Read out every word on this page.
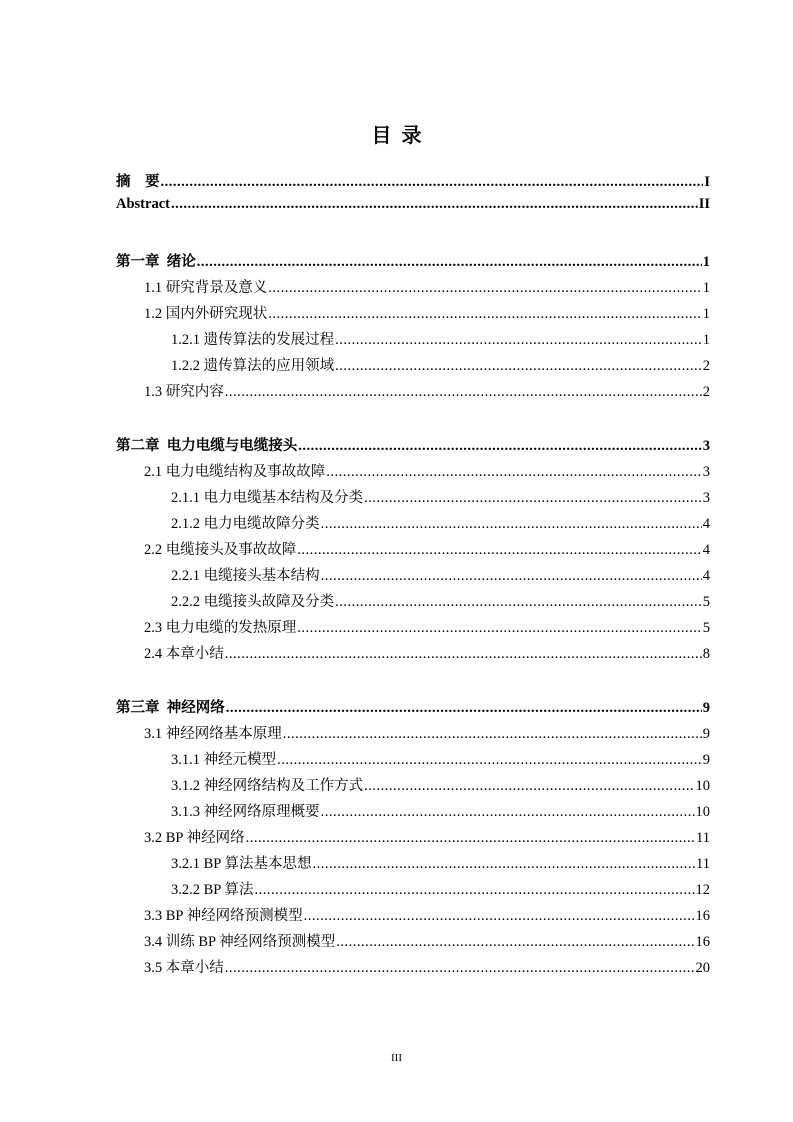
目  录
摘    要 .....	I
Abstract .....	II
第一章  绪论 .....	1
1.1 研究背景及意义 .....	1
1.2 国内外研究现状 .....	1
1.2.1 遗传算法的发展过程 .....	1
1.2.2 遗传算法的应用领域 .....	2
1.3 研究内容 .....	2
第二章  电力电缆与电缆接头 .....	3
2.1 电力电缆结构及事故故障 .....	3
2.1.1 电力电缆基本结构及分类 .....	3
2.1.2 电力电缆故障分类 .....	4
2.2 电缆接头及事故故障 .....	4
2.2.1 电缆接头基本结构 .....	4
2.2.2 电缆接头故障及分类 .....	5
2.3 电力电缆的发热原理 .....	5
2.4 本章小结 .....	8
第三章  神经网络 .....	9
3.1 神经网络基本原理 .....	9
3.1.1 神经元模型 .....	9
3.1.2 神经网络结构及工作方式 .....	10
3.1.3 神经网络原理概要 .....	10
3.2 BP 神经网络 .....	11
3.2.1 BP 算法基本思想 .....	11
3.2.2 BP 算法 .....	12
3.3 BP 神经网络预测模型 .....	16
3.4 训练 BP 神经网络预测模型 .....	16
3.5 本章小结 .....	20
III
